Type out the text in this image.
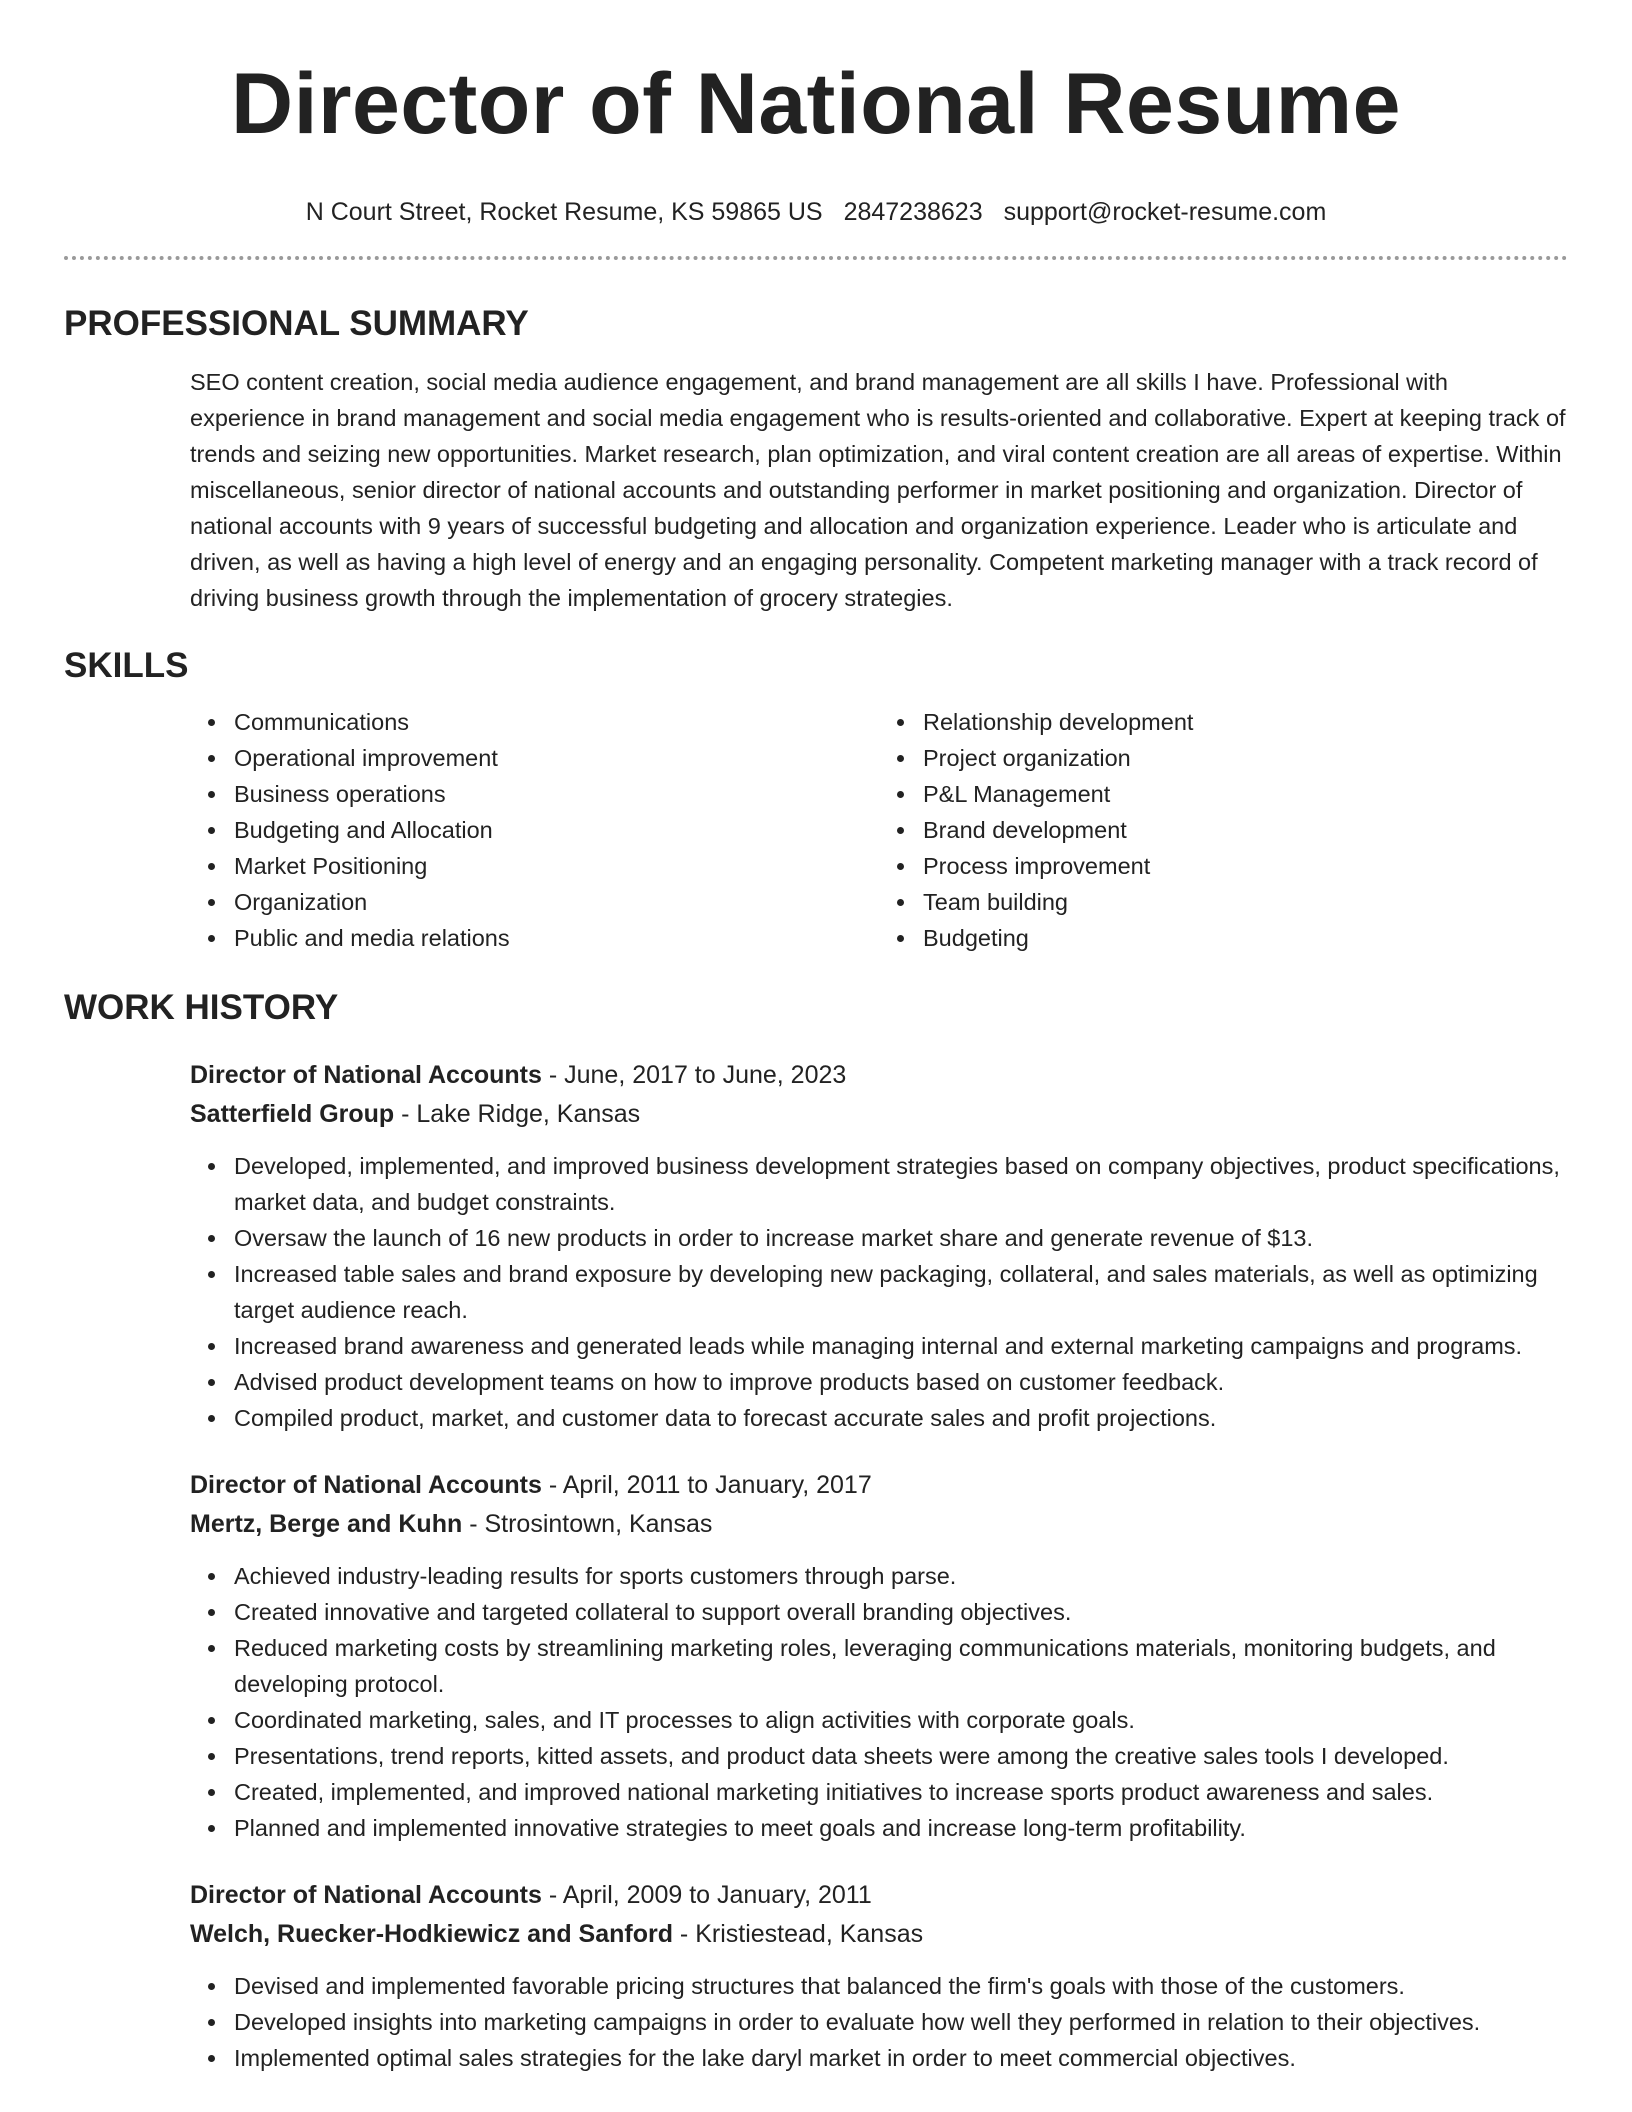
Director of National Resume
N Court Street, Rocket Resume, KS 59865 US 2847238623 support@rocket-resume.com
PROFESSIONAL SUMMARY

SEO content creation, social media audience engagement, and brand management are all skills I have. Professional with experience in brand management and social media engagement who is results-oriented and collaborative. Expert at keeping track of trends and seizing new opportunities. Market research, plan optimization, and viral content creation are all areas of expertise. Within miscellaneous, senior director of national accounts and outstanding performer in market positioning and organization. Director of national accounts with 9 years of successful budgeting and allocation and organization experience. Leader who is articulate and driven, as well as having a high level of energy and an engaging personality. Competent marketing manager with a track record of driving business growth through the implementation of grocery strategies.

SKILLS
Communications
Operational improvement
Business operations
Budgeting and Allocation
Market Positioning
Organization
Public and media relations
Relationship development
Project organization
P&L Management
Brand development
Process improvement
Team building
Budgeting
WORK HISTORY
Director of National Accounts - June, 2017 to June, 2023
Satterfield Group - Lake Ridge, Kansas
Developed, implemented, and improved business development strategies based on company objectives, product specifications, market data, and budget constraints.
Oversaw the launch of 16 new products in order to increase market share and generate revenue of $13.
Increased table sales and brand exposure by developing new packaging, collateral, and sales materials, as well as optimizing target audience reach.
Increased brand awareness and generated leads while managing internal and external marketing campaigns and programs.
Advised product development teams on how to improve products based on customer feedback.
Compiled product, market, and customer data to forecast accurate sales and profit projections.
Director of National Accounts - April, 2011 to January, 2017
Mertz, Berge and Kuhn - Strosintown, Kansas
Achieved industry-leading results for sports customers through parse.
Created innovative and targeted collateral to support overall branding objectives.
Reduced marketing costs by streamlining marketing roles, leveraging communications materials, monitoring budgets, and developing protocol.
Coordinated marketing, sales, and IT processes to align activities with corporate goals.
Presentations, trend reports, kitted assets, and product data sheets were among the creative sales tools I developed.
Created, implemented, and improved national marketing initiatives to increase sports product awareness and sales.
Planned and implemented innovative strategies to meet goals and increase long-term profitability.
Director of National Accounts - April, 2009 to January, 2011
Welch, Ruecker-Hodkiewicz and Sanford - Kristiestead, Kansas
Devised and implemented favorable pricing structures that balanced the firm's goals with those of the customers.
Developed insights into marketing campaigns in order to evaluate how well they performed in relation to their objectives.
Implemented optimal sales strategies for the lake daryl market in order to meet commercial objectives.
